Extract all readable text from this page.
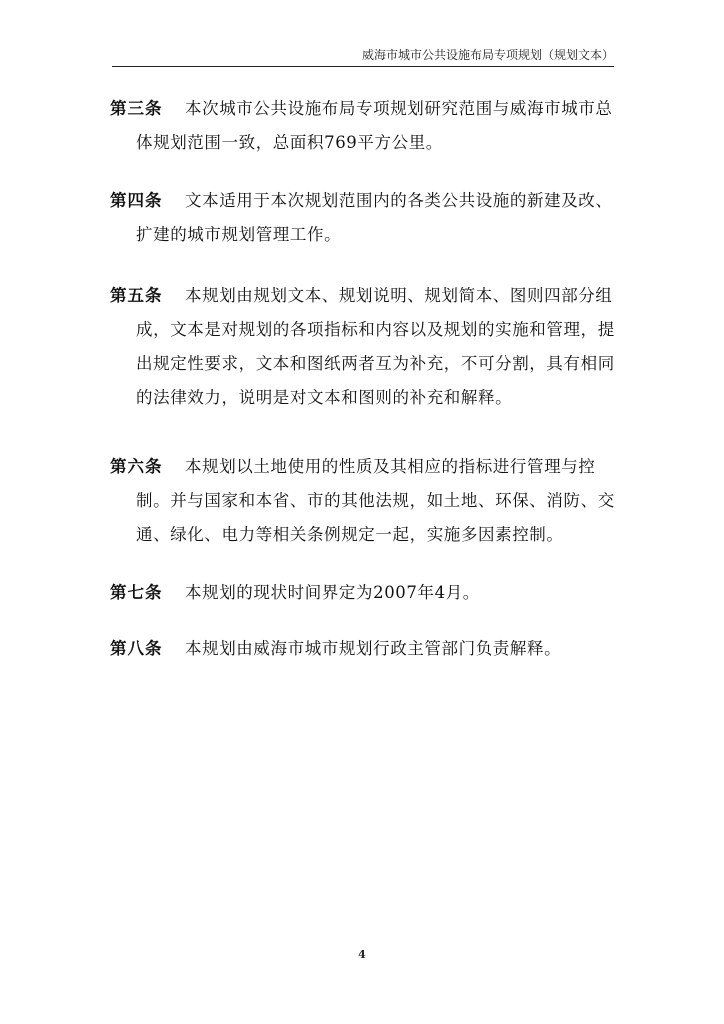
威海市城市公共设施布局专项规划（规划文本）
第三条 本次城市公共设施布局专项规划研究范围与威海市城市总
体规划范围一致，总面积769平方公里。
第四条 文本适用于本次规划范围内的各类公共设施的新建及改、
扩建的城市规划管理工作。
第五条 本规划由规划文本、规划说明、规划简本、图则四部分组
成，文本是对规划的各项指标和内容以及规划的实施和管理，提
出规定性要求，文本和图纸两者互为补充，不可分割，具有相同
的法律效力，说明是对文本和图则的补充和解释。
第六条 本规划以土地使用的性质及其相应的指标进行管理与控
制。并与国家和本省、市的其他法规，如土地、环保、消防、交
通、绿化、电力等相关条例规定一起，实施多因素控制。
第七条 本规划的现状时间界定为2007年4月。
第八条 本规划由威海市城市规划行政主管部门负责解释。
4
